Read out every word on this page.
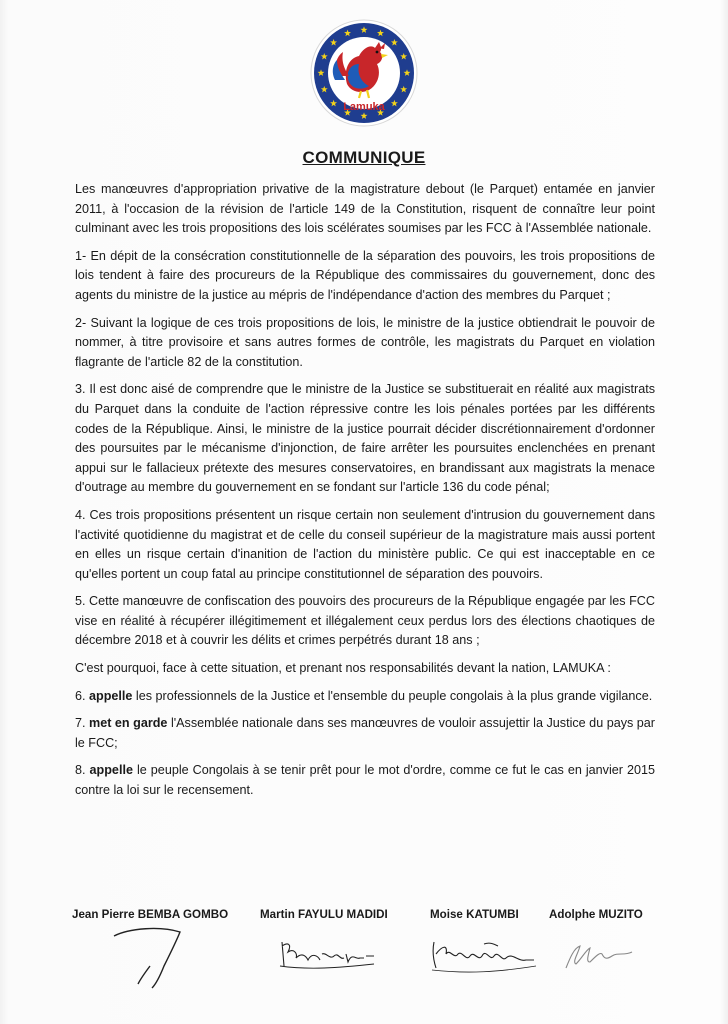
Lamuka
COMMUNIQUE

Les manœuvres d'appropriation privative de la magistrature debout (le Parquet) entamée en janvier 2011, à l'occasion de la révision de l'article 149 de la Constitution, risquent de connaître leur point culminant avec les trois propositions des lois scélérates soumises par les FCC à l'Assemblée nationale.

1- En dépit de la consécration constitutionnelle de la séparation des pouvoirs, les trois propositions de lois tendent à faire des procureurs de la République des commissaires du gouvernement, donc des agents du ministre de la justice au mépris de l'indépendance d'action des membres du Parquet ;

2- Suivant la logique de ces trois propositions de lois, le ministre de la justice obtiendrait le pouvoir de nommer, à titre provisoire et sans autres formes de contrôle, les magistrats du Parquet en violation flagrante de l'article 82 de la constitution.

3. Il est donc aisé de comprendre que le ministre de la Justice se substituerait en réalité aux magistrats du Parquet dans la conduite de l'action répressive contre les lois pénales portées par les différents codes de la République. Ainsi, le ministre de la justice pourrait décider discrétionnairement d'ordonner des poursuites par le mécanisme d'injonction, de faire arrêter les poursuites enclenchées en prenant appui sur le fallacieux prétexte des mesures conservatoires, en brandissant aux magistrats la menace d'outrage au membre du gouvernement en se fondant sur l'article 136 du code pénal;

4. Ces trois propositions présentent un risque certain non seulement d'intrusion du gouvernement dans l'activité quotidienne du magistrat et de celle du conseil supérieur de la magistrature mais aussi portent en elles un risque certain d'inanition de l'action du ministère public. Ce qui est inacceptable en ce qu'elles portent un coup fatal au principe constitutionnel de séparation des pouvoirs.

5. Cette manœuvre de confiscation des pouvoirs des procureurs de la République engagée par les FCC vise en réalité à récupérer illégitimement et illégalement ceux perdus lors des élections chaotiques de décembre 2018 et à couvrir les délits et crimes perpétrés durant 18 ans ;

C'est pourquoi, face à cette situation, et prenant nos responsabilités devant la nation, LAMUKA :

6. appelle les professionnels de la Justice et l'ensemble du peuple congolais à la plus grande vigilance.

7. met en garde l'Assemblée nationale dans ses manœuvres de vouloir assujettir la Justice du pays par le FCC;

8. appelle le peuple Congolais à se tenir prêt pour le mot d'ordre, comme ce fut le cas en janvier 2015 contre la loi sur le recensement.

Jean Pierre BEMBA GOMBO	Martin FAYULU MADIDI	Moise KATUMBI	Adolphe MUZITO
